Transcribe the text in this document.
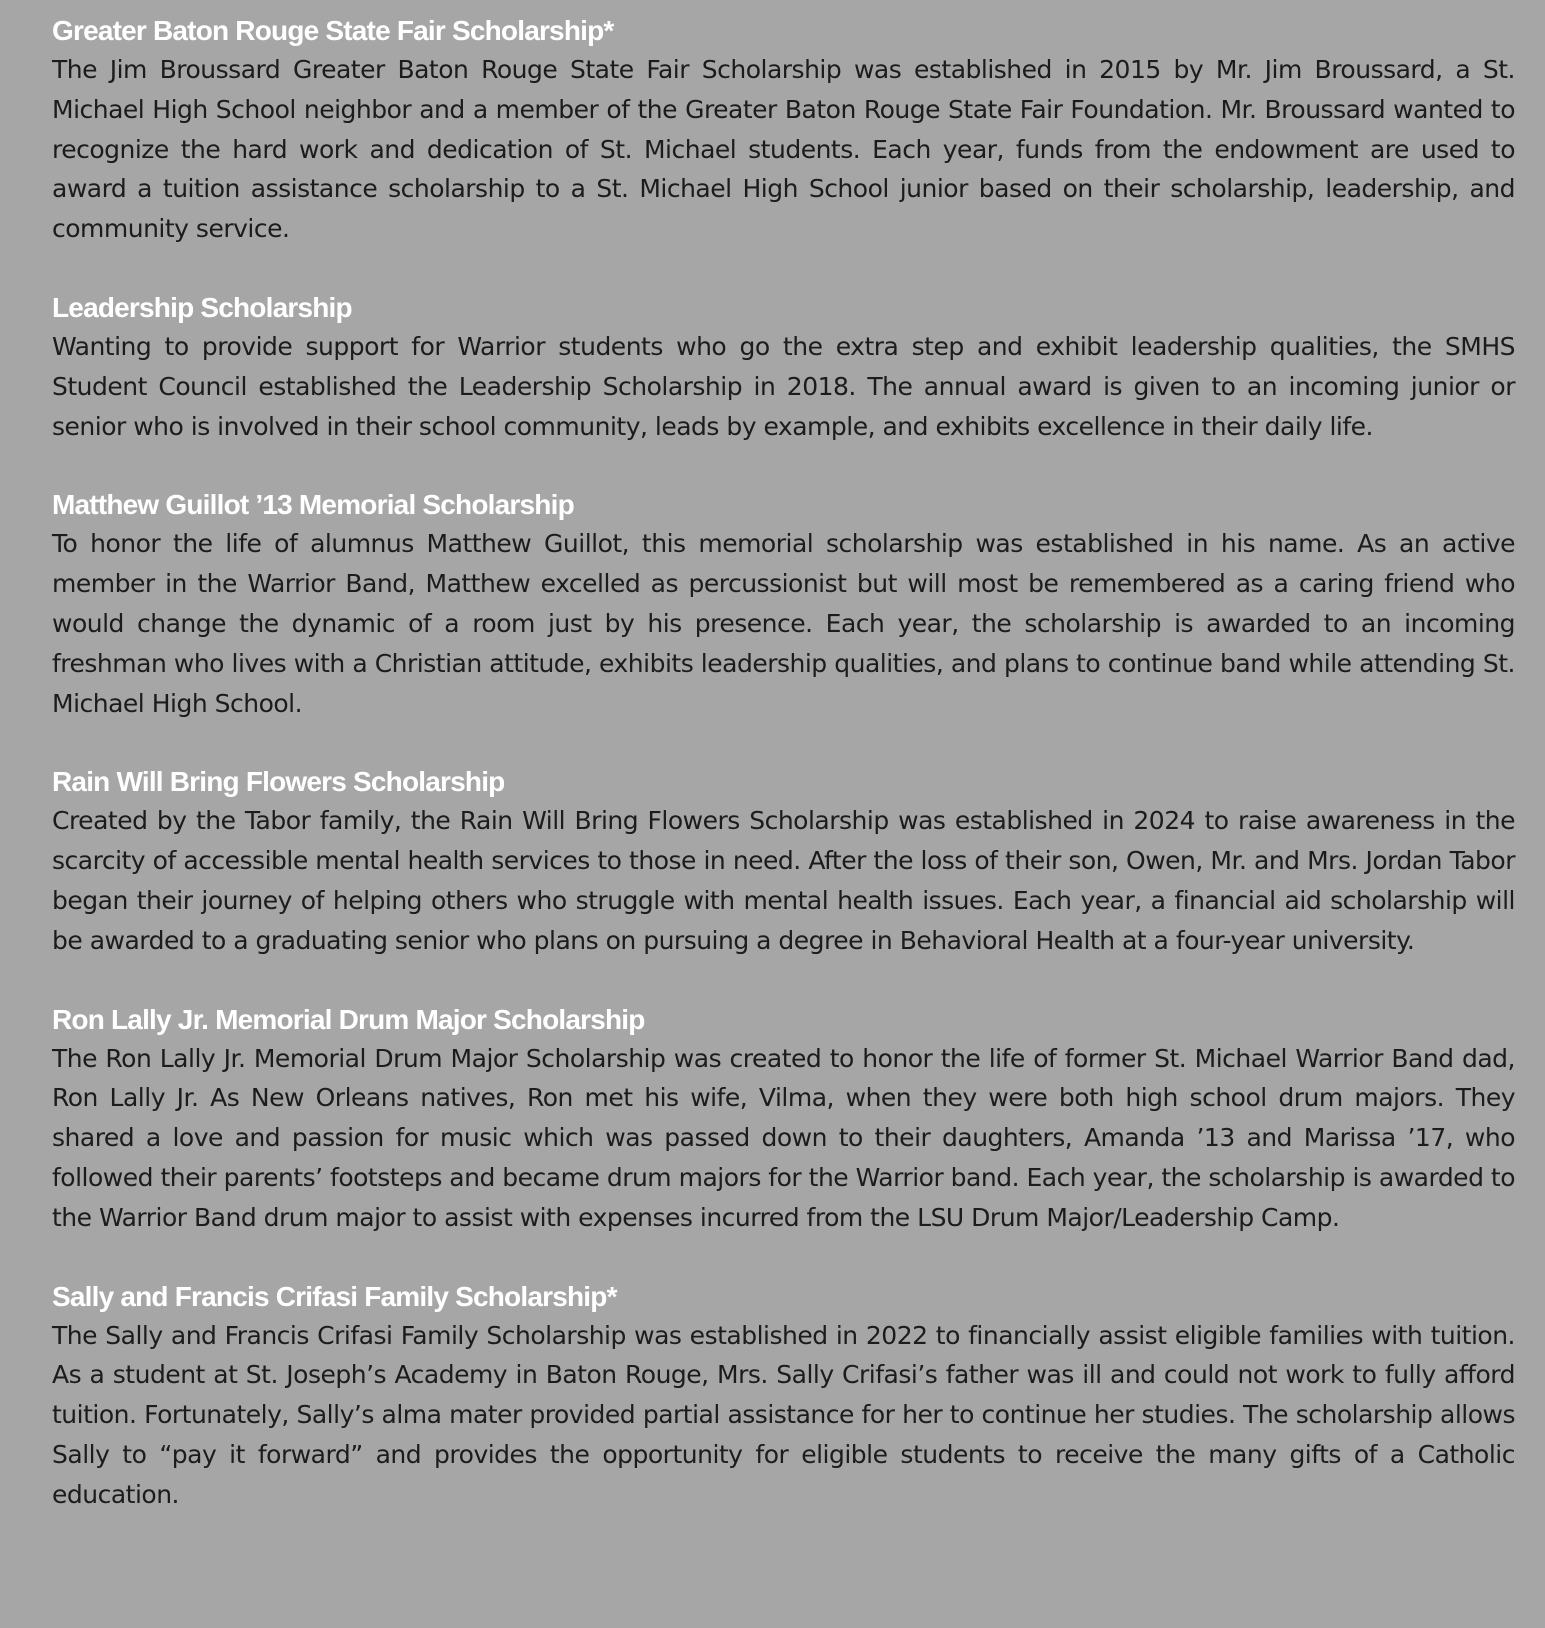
Greater Baton Rouge State Fair Scholarship*

The Jim Broussard Greater Baton Rouge State Fair Scholarship was established in 2015 by Mr. Jim Broussard, a St. Michael High School neighbor and a member of the Greater Baton Rouge State Fair Foundation. Mr. Broussard wanted to recognize the hard work and dedication of St. Michael students. Each year, funds from the endowment are used to award a tuition assistance scholarship to a St. Michael High School junior based on their scholarship, leadership, and community service.

Leadership Scholarship

Wanting to provide support for Warrior students who go the extra step and exhibit leadership qualities, the SMHS Student Council established the Leadership Scholarship in 2018. The annual award is given to an incoming junior or senior who is involved in their school community, leads by example, and exhibits excellence in their daily life.

Matthew Guillot ’13 Memorial Scholarship

To honor the life of alumnus Matthew Guillot, this memorial scholarship was established in his name. As an active member in the Warrior Band, Matthew excelled as percussionist but will most be remembered as a caring friend who would change the dynamic of a room just by his presence. Each year, the scholarship is awarded to an incoming freshman who lives with a Christian attitude, exhibits leadership qualities, and plans to continue band while attending St. Michael High School.

Rain Will Bring Flowers Scholarship

Created by the Tabor family, the Rain Will Bring Flowers Scholarship was established in 2024 to raise awareness in the scarcity of accessible mental health services to those in need. After the loss of their son, Owen, Mr. and Mrs. Jordan Tabor began their journey of helping others who struggle with mental health issues. Each year, a financial aid scholarship will be awarded to a graduating senior who plans on pursuing a degree in Behavioral Health at a four-year university.

Ron Lally Jr. Memorial Drum Major Scholarship

The Ron Lally Jr. Memorial Drum Major Scholarship was created to honor the life of former St. Michael Warrior Band dad, Ron Lally Jr. As New Orleans natives, Ron met his wife, Vilma, when they were both high school drum majors. They shared a love and passion for music which was passed down to their daughters, Amanda ’13 and Marissa ’17, who followed their parents’ footsteps and became drum majors for the Warrior band. Each year, the scholarship is awarded to the Warrior Band drum major to assist with expenses incurred from the LSU Drum Major/Leadership Camp.

Sally and Francis Crifasi Family Scholarship*

The Sally and Francis Crifasi Family Scholarship was established in 2022 to financially assist eligible families with tuition. As a student at St. Joseph’s Academy in Baton Rouge, Mrs. Sally Crifasi’s father was ill and could not work to fully afford tuition. Fortunately, Sally’s alma mater provided partial assistance for her to continue her studies. The scholarship allows Sally to “pay it forward” and provides the opportunity for eligible students to receive the many gifts of a Catholic education.
